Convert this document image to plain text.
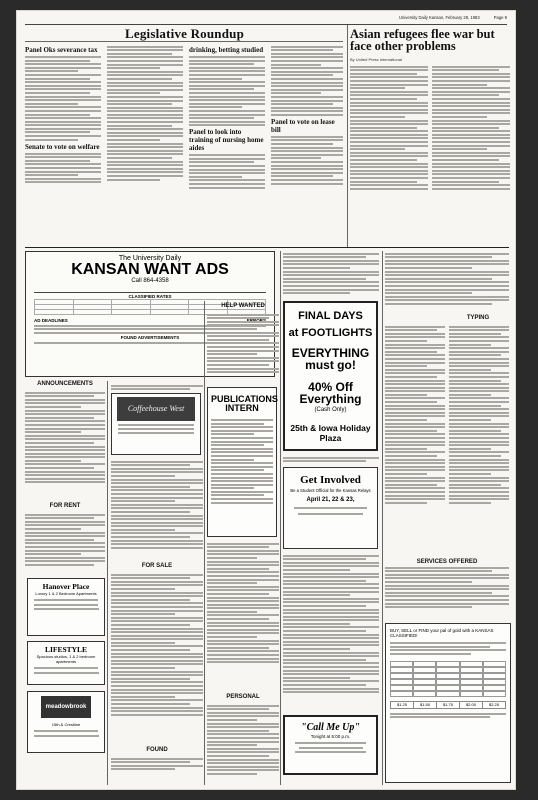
University Daily Kansan, February 28, 1983	Page 9
Legislative Roundup
Panel Oks severance tax
Senate to vote on welfare
drinking, betting studied
Panel to look into training of nursing home aides
Panel to vote on lease bill
Asian refugees flee war but face other problems
By United Press International
The University Daily
KANSAN WANT ADS
Call 864-4358
CLASSIFIED RATES

AD DEADLINES
FOUND ADVERTISEMENTS
HELP WANTED
TYPING
FINAL DAYS
at FOOTLIGHTS
EVERYTHING must go!
40% Off Everything
(Cash Only)
25th & Iowa Holiday Plaza
ANNOUNCEMENTS
FOR RENT
Coffeehouse West
PUBLICATIONS INTERN
FOR SALE
FOUND
PERSONAL
Get Involved
Be a Student Official for the Kansas Relays
April 21, 22 & 23,
"Call Me Up"
Tonight at 6:00 p.m.
SERVICES OFFERED
Hanover Place
Luxury 1 & 2 Bedroom Apartments
LIFESTYLE
Spacious studios, 1 & 2 bedroom apartments
meadowbrook
15th & Crestline
BUY, SELL or FIND your pal of gold with a KANSAS CLASSIFIED!
$1.25	$1.50	$1.75	$2.00	$2.25
